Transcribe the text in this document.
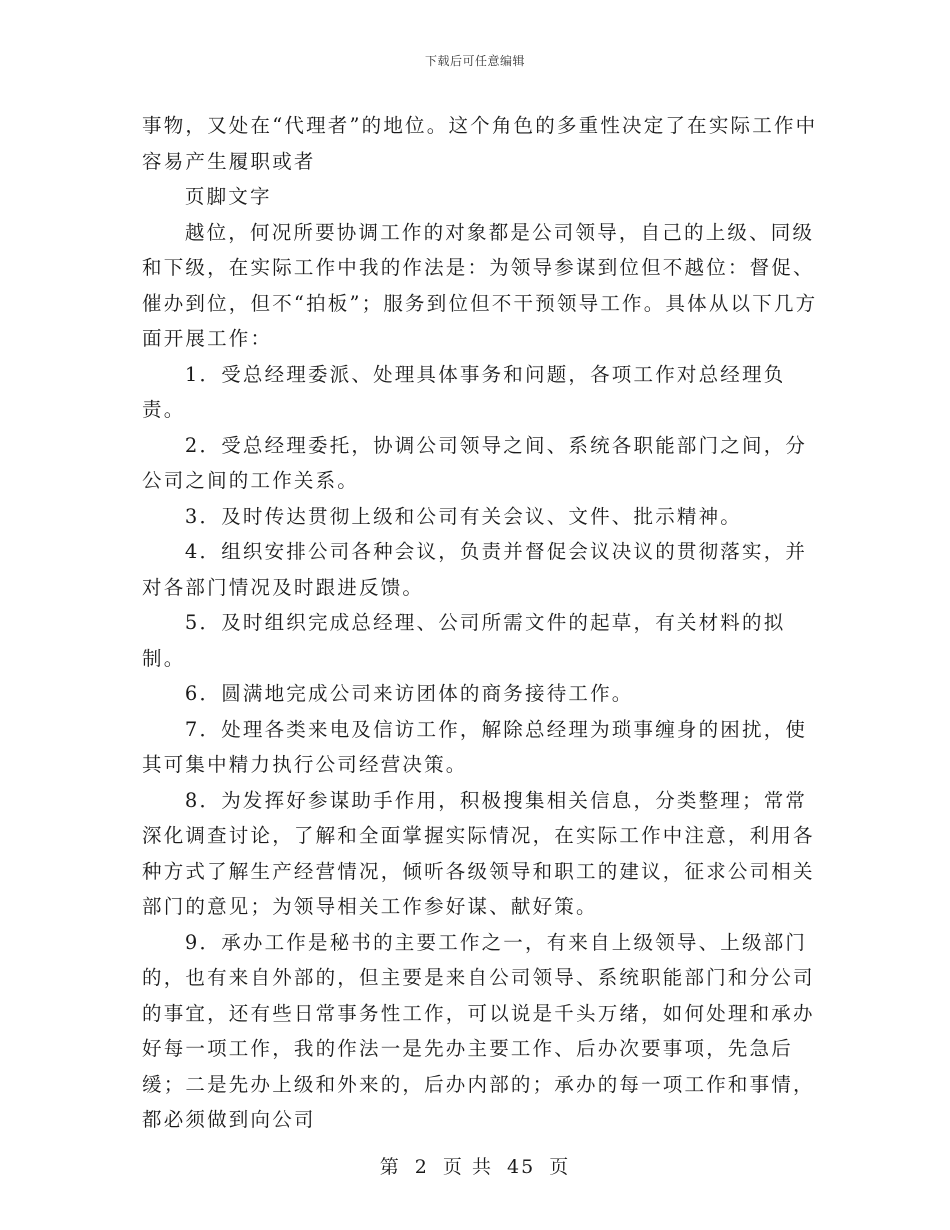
下载后可任意编辑

事物，又处在“代理者”的地位。这个角色的多重性决定了在实际工作中容易产生履职或者

页脚文字

越位，何况所要协调工作的对象都是公司领导，自己的上级、同级和下级，在实际工作中我的作法是：为领导参谋到位但不越位：督促、催办到位，但不“拍板”；服务到位但不干预领导工作。具体从以下几方面开展工作：

1．受总经理委派、处理具体事务和问题，各项工作对总经理负责。

2．受总经理委托，协调公司领导之间、系统各职能部门之间，分公司之间的工作关系。

3．及时传达贯彻上级和公司有关会议、文件、批示精神。

4．组织安排公司各种会议，负责并督促会议决议的贯彻落实，并对各部门情况及时跟进反馈。

5．及时组织完成总经理、公司所需文件的起草，有关材料的拟制。

6．圆满地完成公司来访团体的商务接待工作。

7．处理各类来电及信访工作，解除总经理为琐事缠身的困扰，使其可集中精力执行公司经营决策。

8．为发挥好参谋助手作用，积极搜集相关信息，分类整理；常常深化调查讨论，了解和全面掌握实际情况，在实际工作中注意，利用各种方式了解生产经营情况，倾听各级领导和职工的建议，征求公司相关部门的意见；为领导相关工作参好谋、献好策。

9．承办工作是秘书的主要工作之一，有来自上级领导、上级部门的，也有来自外部的，但主要是来自公司领导、系统职能部门和分公司的事宜，还有些日常事务性工作，可以说是千头万绪，如何处理和承办好每一项工作，我的作法一是先办主要工作、后办次要事项，先急后缓；二是先办上级和外来的，后办内部的；承办的每一项工作和事情，都必须做到向公司

第 2 页 共 45 页
